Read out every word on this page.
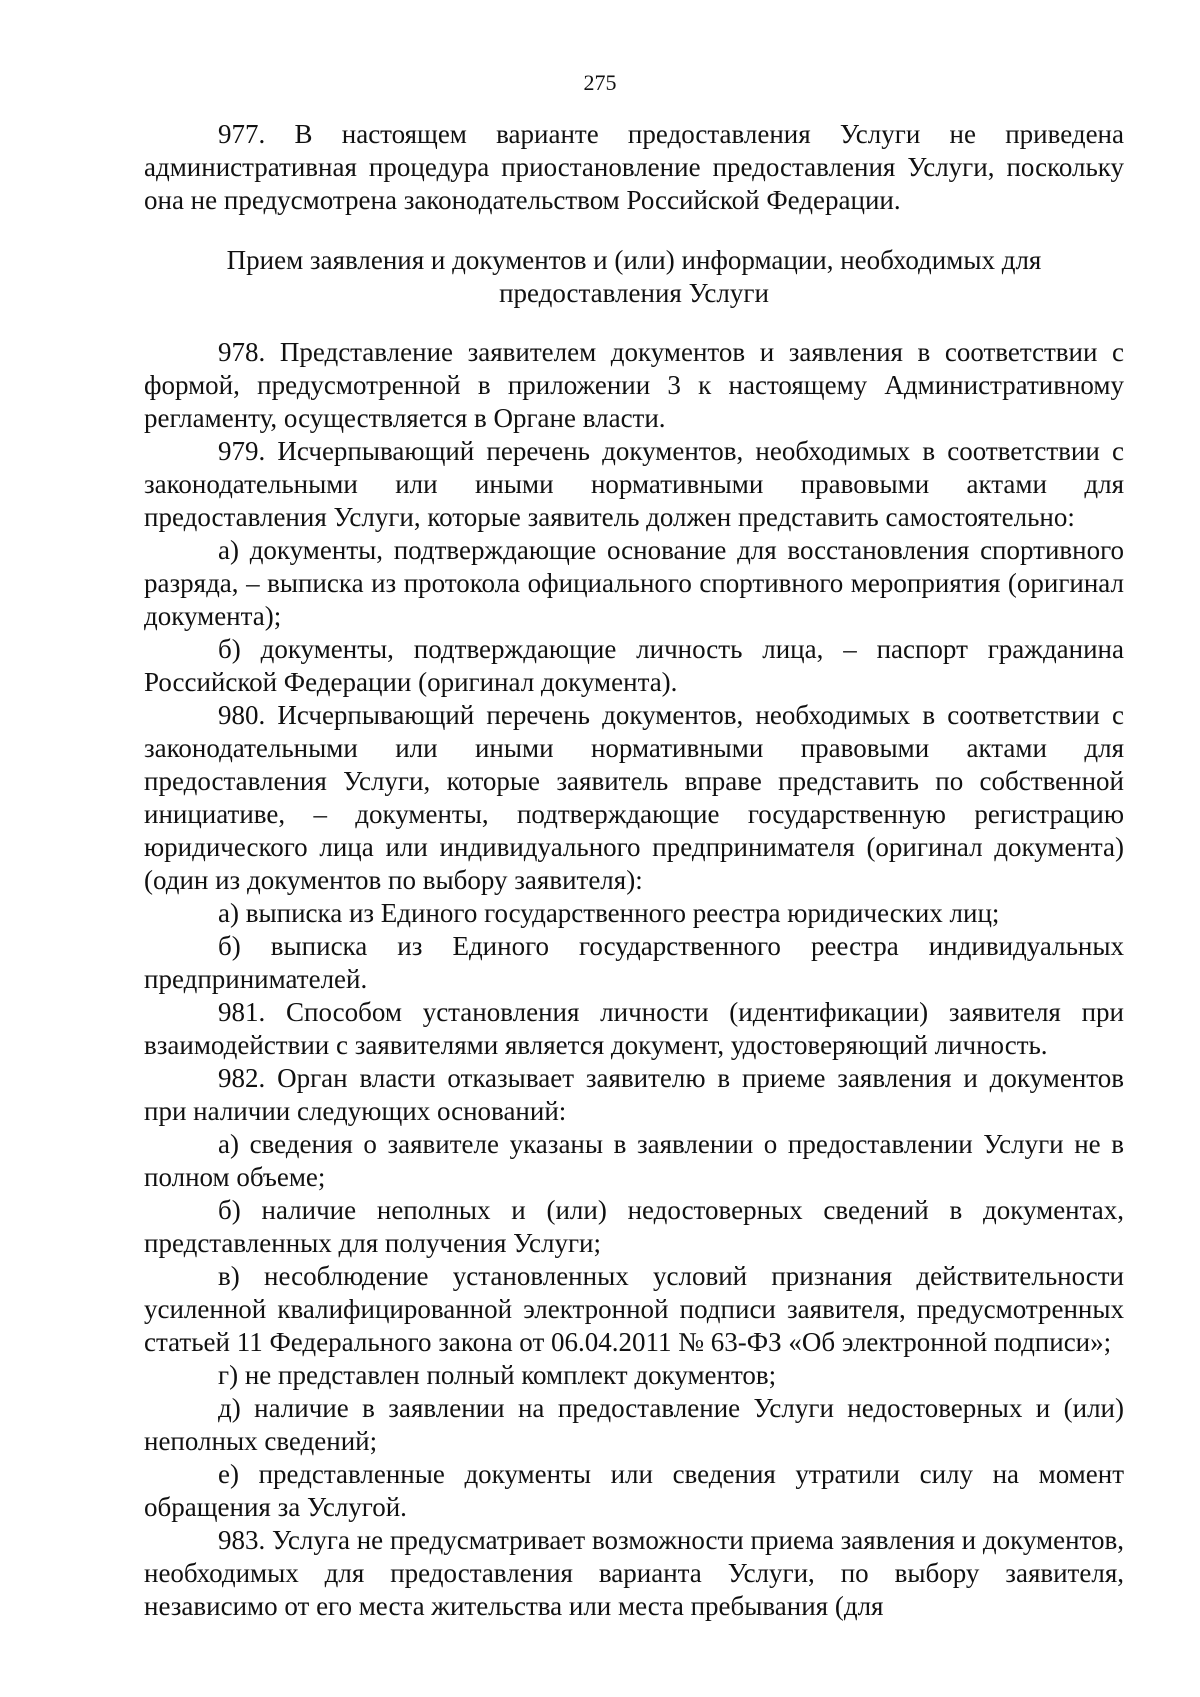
275

977. В настоящем варианте предоставления Услуги не приведена административная процедура приостановление предоставления Услуги, поскольку она не предусмотрена законодательством Российской Федерации.

Прием заявления и документов и (или) информации, необходимых для
предоставления Услуги

978. Представление заявителем документов и заявления в соответствии с формой, предусмотренной в приложении 3 к настоящему Административному регламенту, осуществляется в Органе власти.

979. Исчерпывающий перечень документов, необходимых в соответствии с законодательными или иными нормативными правовыми актами для предоставления Услуги, которые заявитель должен представить самостоятельно:

а) документы, подтверждающие основание для восстановления спортивного разряда, – выписка из протокола официального спортивного мероприятия (оригинал документа);

б) документы, подтверждающие личность лица, – паспорт гражданина Российской Федерации (оригинал документа).

980. Исчерпывающий перечень документов, необходимых в соответствии с законодательными или иными нормативными правовыми актами для предоставления Услуги, которые заявитель вправе представить по собственной инициативе, – документы, подтверждающие государственную регистрацию юридического лица или индивидуального предпринимателя (оригинал документа) (один из документов по выбору заявителя):

а) выписка из Единого государственного реестра юридических лиц;

б) выписка из Единого государственного реестра индивидуальных предпринимателей.

981. Способом установления личности (идентификации) заявителя при взаимодействии с заявителями является документ, удостоверяющий личность.

982. Орган власти отказывает заявителю в приеме заявления и документов при наличии следующих оснований:

а) сведения о заявителе указаны в заявлении о предоставлении Услуги не в полном объеме;

б) наличие неполных и (или) недостоверных сведений в документах, представленных для получения Услуги;

в) несоблюдение установленных условий признания действительности усиленной квалифицированной электронной подписи заявителя, предусмотренных статьей 11 Федерального закона от 06.04.2011 № 63-ФЗ «Об электронной подписи»;

г) не представлен полный комплект документов;

д) наличие в заявлении на предоставление Услуги недостоверных и (или) неполных сведений;

е) представленные документы или сведения утратили силу на момент обращения за Услугой.

983. Услуга не предусматривает возможности приема заявления и документов, необходимых для предоставления варианта Услуги, по выбору заявителя, независимо от его места жительства или места пребывания (для
